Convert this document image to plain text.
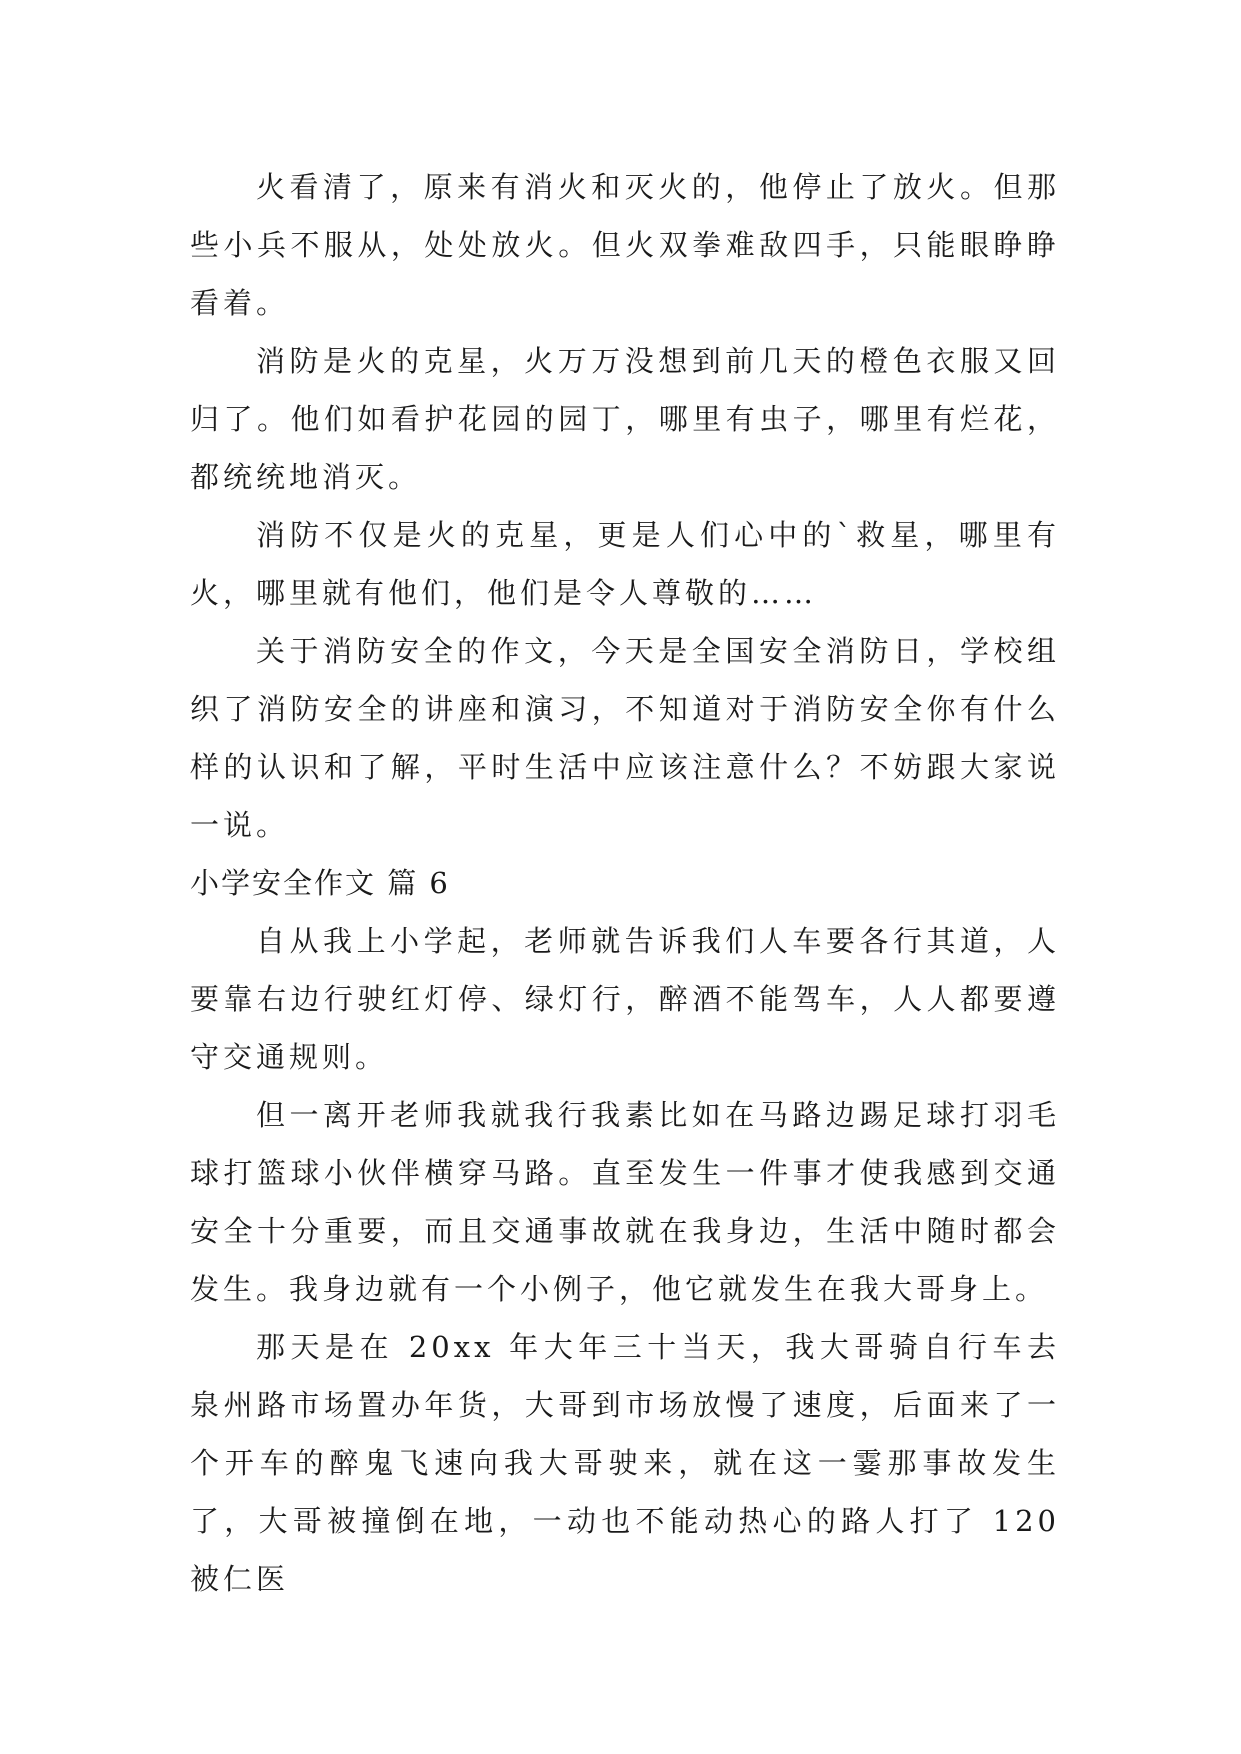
火看清了，原来有消火和灭火的，他停止了放火。但那些小兵不服从，处处放火。但火双拳难敌四手，只能眼睁睁看着。

消防是火的克星，火万万没想到前几天的橙色衣服又回归了。他们如看护花园的园丁，哪里有虫子，哪里有烂花，都统统地消灭。

消防不仅是火的克星，更是人们心中的`救星，哪里有火，哪里就有他们，他们是令人尊敬的……

关于消防安全的作文，今天是全国安全消防日，学校组织了消防安全的讲座和演习，不知道对于消防安全你有什么样的认识和了解，平时生活中应该注意什么？不妨跟大家说一说。

小学安全作文 篇 6

自从我上小学起，老师就告诉我们人车要各行其道，人要靠右边行驶红灯停、绿灯行，醉酒不能驾车，人人都要遵守交通规则。

但一离开老师我就我行我素比如在马路边踢足球打羽毛球打篮球小伙伴横穿马路。直至发生一件事才使我感到交通安全十分重要，而且交通事故就在我身边，生活中随时都会发生。我身边就有一个小例子，他它就发生在我大哥身上。

那天是在 20xx 年大年三十当天，我大哥骑自行车去泉州路市场置办年货，大哥到市场放慢了速度，后面来了一个开车的醉鬼飞速向我大哥驶来，就在这一霎那事故发生了，大哥被撞倒在地，一动也不能动热心的路人打了 120 被仁医
